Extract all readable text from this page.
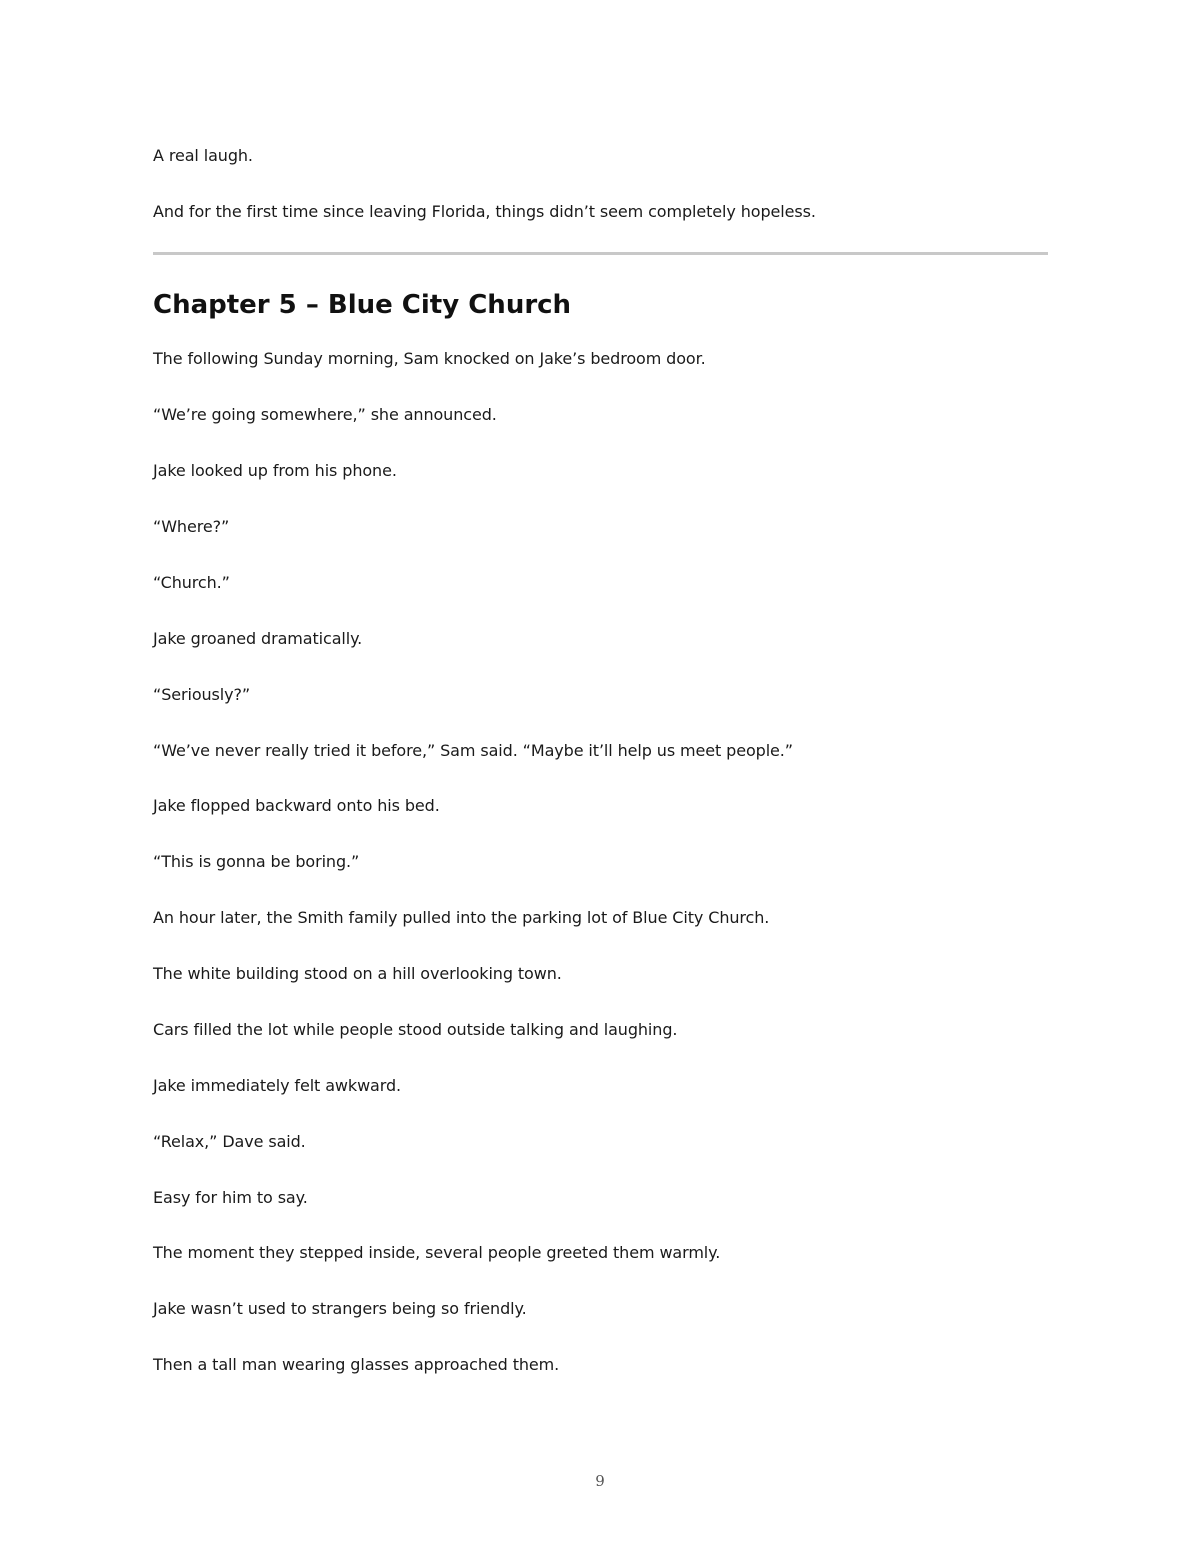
A real laugh.

And for the first time since leaving Florida, things didn’t seem completely hopeless.

Chapter 5 – Blue City Church

The following Sunday morning, Sam knocked on Jake’s bedroom door.

“We’re going somewhere,” she announced.

Jake looked up from his phone.

“Where?”

“Church.”

Jake groaned dramatically.

“Seriously?”

“We’ve never really tried it before,” Sam said. “Maybe it’ll help us meet people.”

Jake flopped backward onto his bed.

“This is gonna be boring.”

An hour later, the Smith family pulled into the parking lot of Blue City Church.

The white building stood on a hill overlooking town.

Cars filled the lot while people stood outside talking and laughing.

Jake immediately felt awkward.

“Relax,” Dave said.

Easy for him to say.

The moment they stepped inside, several people greeted them warmly.

Jake wasn’t used to strangers being so friendly.

Then a tall man wearing glasses approached them.

9
